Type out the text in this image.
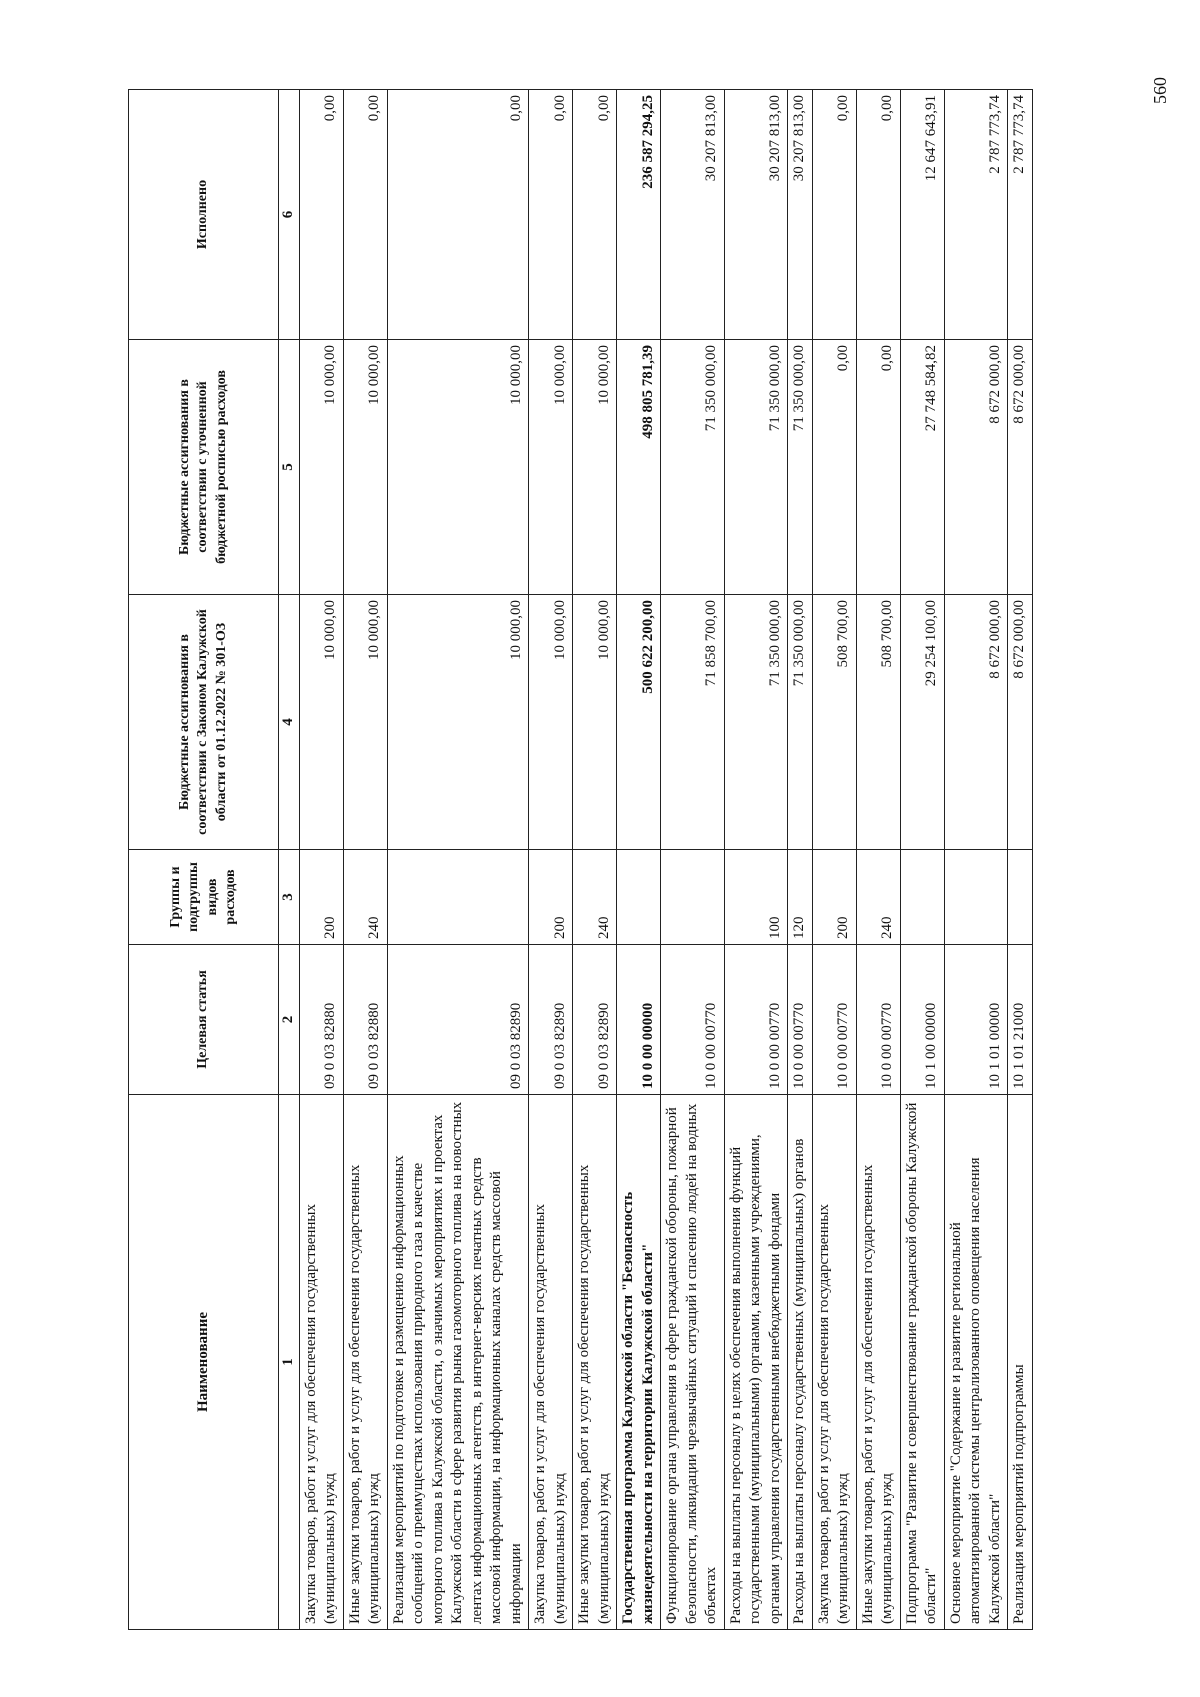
560
Наименование	Целевая статья	Группы и подгруппы видов расходов	Бюджетные ассигнования в соответствии с Законом Калужской области от 01.12.2022 № 301-ОЗ	Бюджетные ассигнования в соответствии с уточненной бюджетной росписью расходов	Исполнено
1	2	3	4	5	6
Закупка товаров, работ и услуг для обеспечения государственных (муниципальных) нужд	09 0 03 82880	200	10 000,00	10 000,00	0,00
Иные закупки товаров, работ и услуг для обеспечения государственных (муниципальных) нужд	09 0 03 82880	240	10 000,00	10 000,00	0,00
Реализация мероприятий по подготовке и размещению информационных сообщений о преимуществах использования природного газа в качестве моторного топлива в Калужской области, о значимых мероприятиях и проектах Калужской области в сфере развития рынка газомоторного топлива на новостных лентах информационных агентств, в интернет-версиях печатных средств массовой информации, на информационных каналах средств массовой информации	09 0 03 82890		10 000,00	10 000,00	0,00
Закупка товаров, работ и услуг для обеспечения государственных (муниципальных) нужд	09 0 03 82890	200	10 000,00	10 000,00	0,00
Иные закупки товаров, работ и услуг для обеспечения государственных (муниципальных) нужд	09 0 03 82890	240	10 000,00	10 000,00	0,00
Государственная программа Калужской области "Безопасность жизнедеятельности на территории Калужской области"	10 0 00 00000		500 622 200,00	498 805 781,39	236 587 294,25
Функционирование органа управления в сфере гражданской обороны, пожарной безопасности, ликвидации чрезвычайных ситуаций и спасению людей на водных объектах	10 0 00 00770		71 858 700,00	71 350 000,00	30 207 813,00
Расходы на выплаты персоналу в целях обеспечения выполнения функций государственными (муниципальными) органами, казенными учреждениями, органами управления государственными внебюджетными фондами	10 0 00 00770	100	71 350 000,00	71 350 000,00	30 207 813,00
Расходы на выплаты персоналу государственных (муниципальных) органов	10 0 00 00770	120	71 350 000,00	71 350 000,00	30 207 813,00
Закупка товаров, работ и услуг для обеспечения государственных (муниципальных) нужд	10 0 00 00770	200	508 700,00	0,00	0,00
Иные закупки товаров, работ и услуг для обеспечения государственных (муниципальных) нужд	10 0 00 00770	240	508 700,00	0,00	0,00
Подпрограмма "Развитие и совершенствование гражданской обороны Калужской области"	10 1 00 00000		29 254 100,00	27 748 584,82	12 647 643,91
Основное мероприятие "Содержание и развитие региональной автоматизированной системы централизованного оповещения населения Калужской области"	10 1 01 00000		8 672 000,00	8 672 000,00	2 787 773,74
Реализация мероприятий подпрограммы	10 1 01 21000		8 672 000,00	8 672 000,00	2 787 773,74
